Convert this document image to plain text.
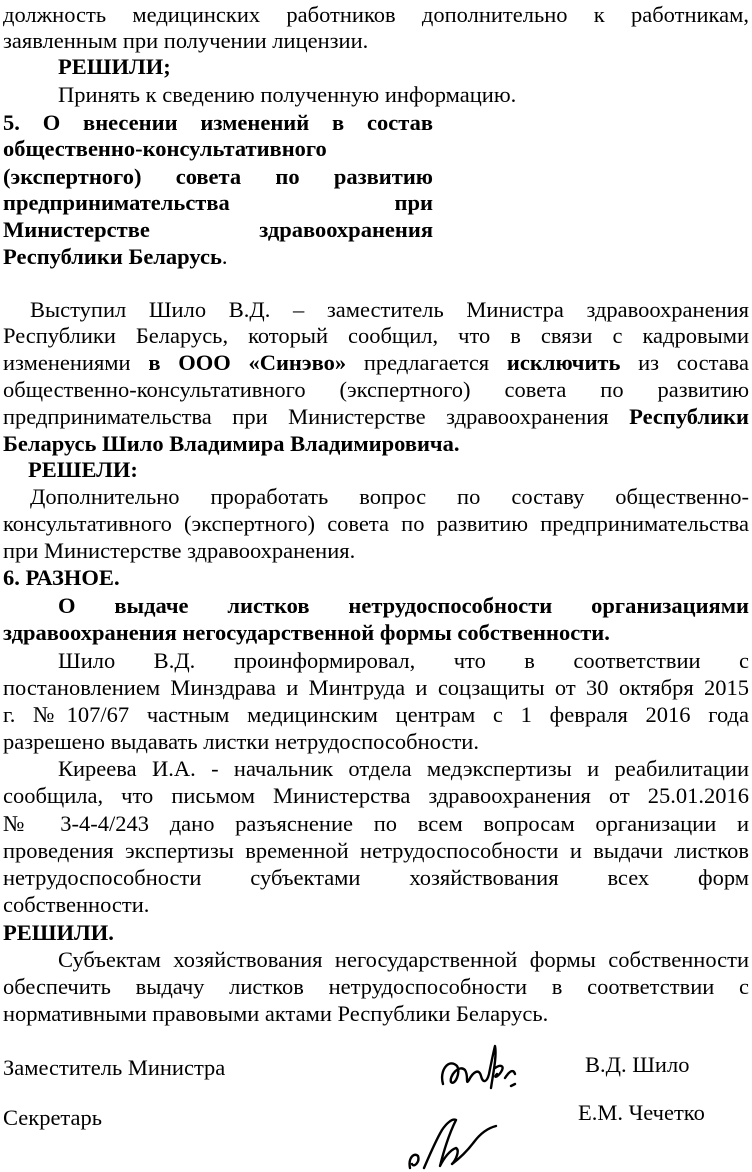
должность медицинских работников дополнительно к работникам,
заявленным при получении лицензии.
РЕШИЛИ;
Принять к сведению полученную информацию.
5. О внесении изменений в состав
общественно-консультативного
(экспертного) совета по развитию
предпринимательства при
Министерстве здравоохранения
Республики Беларусь.
Выступил Шило В.Д. – заместитель Министра здравоохранения
Республики Беларусь, который сообщил, что в связи с кадровыми
изменениями в ООО «Синэво» предлагается исключить из состава
общественно-консультативного (экспертного) совета по развитию
предпринимательства при Министерстве здравоохранения Республики
Беларусь Шило Владимира Владимировича.
РЕШЕЛИ:
Дополнительно проработать вопрос по составу общественно-
консультативного (экспертного) совета по развитию предпринимательства
при Министерстве здравоохранения.
6. РАЗНОЕ.
О выдаче листков нетрудоспособности организациями
здравоохранения негосударственной формы собственности.
Шило В.Д. проинформировал, что в соответствии с
постановлением Минздрава и Минтруда и соцзащиты от 30 октября 2015
г. №107/67 частным медицинским центрам с 1 февраля 2016 года
разрешено выдавать листки нетрудоспособности.
Киреева И.А. - начальник отдела медэкспертизы и реабилитации
сообщила, что письмом Министерства здравоохранения от 25.01.2016
№ 3-4-4/243 дано разъяснение по всем вопросам организации и
проведения экспертизы временной нетрудоспособности и выдачи листков
нетрудоспособности субъектами хозяйствования всех форм
собственности.
РЕШИЛИ.
Субъектам хозяйствования негосударственной формы собственности
обеспечить выдачу листков нетрудоспособности в соответствии с
нормативными правовыми актами Республики Беларусь.
Заместитель Министра	В.Д. Шило
Секретарь	Е.М. Чечетко
